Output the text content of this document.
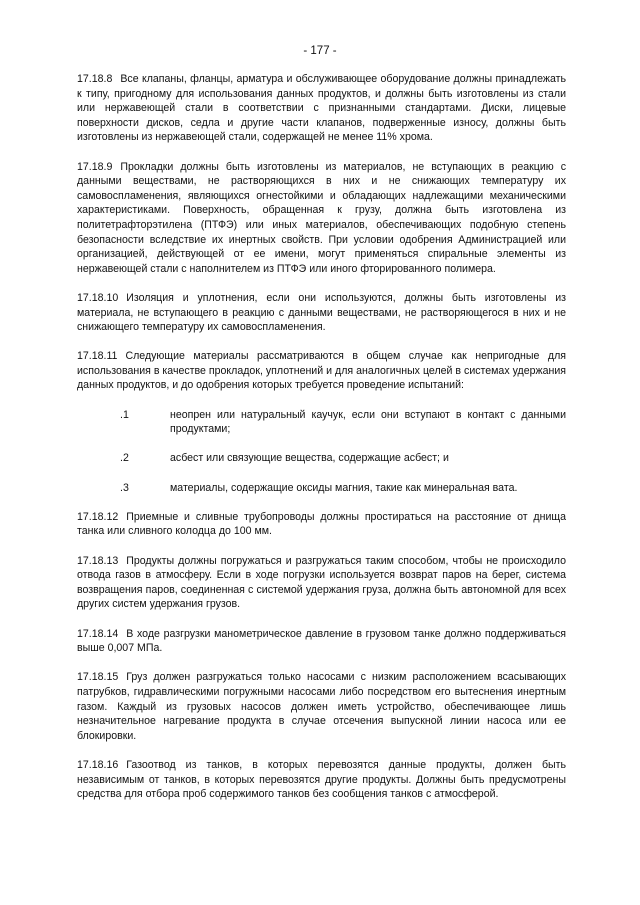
- 177 -

17.18.8 Все клапаны, фланцы, арматура и обслуживающее оборудование должны принадлежать к типу, пригодному для использования данных продуктов, и должны быть изготовлены из стали или нержавеющей стали в соответствии с признанными стандартами. Диски, лицевые поверхности дисков, седла и другие части клапанов, подверженные износу, должны быть изготовлены из нержавеющей стали, содержащей не менее 11% хрома.

17.18.9 Прокладки должны быть изготовлены из материалов, не вступающих в реакцию с данными веществами, не растворяющихся в них и не снижающих температуру их самовоспламенения, являющихся огнестойкими и обладающих надлежащими механическими характеристиками. Поверхность, обращенная к грузу, должна быть изготовлена из политетрафторэтилена (ПТФЭ) или иных материалов, обеспечивающих подобную степень безопасности вследствие их инертных свойств. При условии одобрения Администрацией или организацией, действующей от ее имени, могут применяться спиральные элементы из нержавеющей стали с наполнителем из ПТФЭ или иного фторированного полимера.

17.18.10 Изоляция и уплотнения, если они используются, должны быть изготовлены из материала, не вступающего в реакцию с данными веществами, не растворяющегося в них и не снижающего температуру их самовоспламенения.

17.18.11 Следующие материалы рассматриваются в общем случае как непригодные для использования в качестве прокладок, уплотнений и для аналогичных целей в системах удержания данных продуктов, и до одобрения которых требуется проведение испытаний:

.1	неопрен или натуральный каучук, если они вступают в контакт с данными продуктами;
.2	асбест или связующие вещества, содержащие асбест; и
.3	материалы, содержащие оксиды магния, такие как минеральная вата.

17.18.12 Приемные и сливные трубопроводы должны простираться на расстояние от днища танка или сливного колодца до 100 мм.

17.18.13 Продукты должны погружаться и разгружаться таким способом, чтобы не происходило отвода газов в атмосферу. Если в ходе погрузки используется возврат паров на берег, система возвращения паров, соединенная с системой удержания груза, должна быть автономной для всех других систем удержания грузов.

17.18.14 В ходе разгрузки манометрическое давление в грузовом танке должно поддерживаться выше 0,007 МПа.

17.18.15 Груз должен разгружаться только насосами с низким расположением всасывающих патрубков, гидравлическими погружными насосами либо посредством его вытеснения инертным газом. Каждый из грузовых насосов должен иметь устройство, обеспечивающее лишь незначительное нагревание продукта в случае отсечения выпускной линии насоса или ее блокировки.

17.18.16 Газоотвод из танков, в которых перевозятся данные продукты, должен быть независимым от танков, в которых перевозятся другие продукты. Должны быть предусмотрены средства для отбора проб содержимого танков без сообщения танков с атмосферой.
